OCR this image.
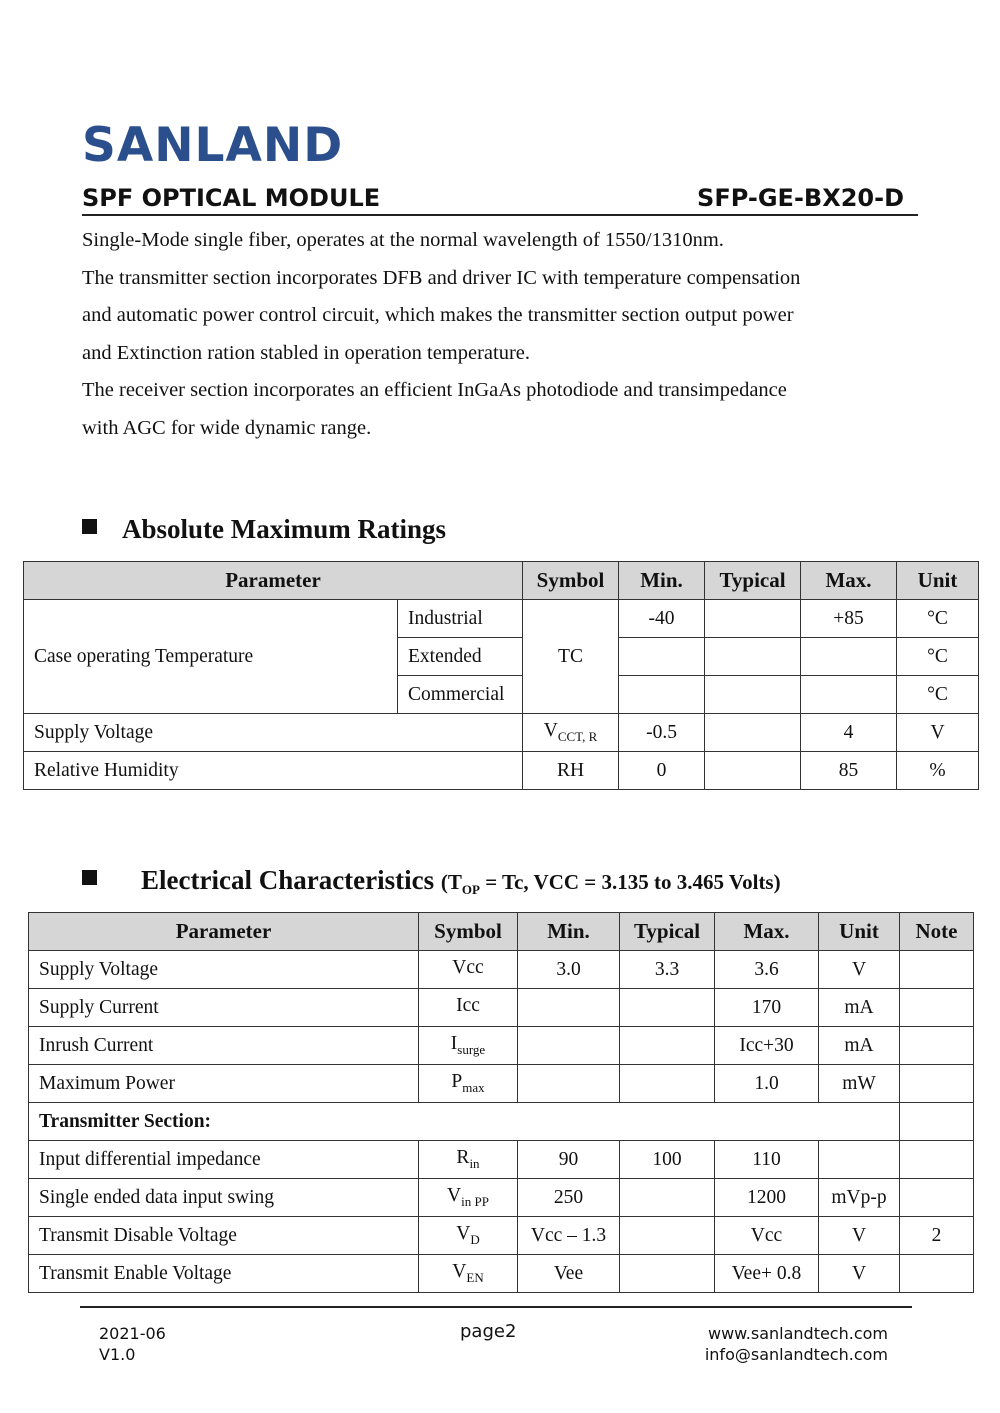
SANLAND
SPF OPTICAL MODULE	SFP-GE-BX20-D

Single-Mode single fiber, operates at the normal wavelength of 1550/1310nm.

The transmitter section incorporates DFB and driver IC with temperature compensation

and automatic power control circuit, which makes the transmitter section output power

and Extinction ration stabled in operation temperature.

The receiver section incorporates an efficient InGaAs photodiode and transimpedance

with AGC for wide dynamic range.

Absolute Maximum Ratings
Parameter		Symbol	Min.	Typical	Max.	Unit
Case operating Temperature	Industrial	TC	-40		+85	°C
	Extended					°C
	Commercial					°C
Supply Voltage		$V_{CCT, R}$	-0.5		4	V
Relative Humidity		RH	0		85	%
Electrical Characteristics ($T_{OP} = Tc$, VCC = 3.135 to 3.465 Volts)
Parameter	Symbol	Min.	Typical	Max.	Unit	Note
Supply Voltage	Vcc	3.0	3.3	3.6	V	
Supply Current	Icc			170	mA	
Inrush Current	$I_{surge}$			Icc+30	mA	
Maximum Power	$P_{max}$			1.0	mW	
Transmitter Section:						
Input differential impedance	$R_{in}$	90	100	110		
Single ended data input swing	$V_{in PP}$	250		1200	mVp-p	
Transmit Disable Voltage	$V_D$	Vcc – 1.3		Vcc	V	2
Transmit Enable Voltage	$V_{EN}$	Vee		Vee+ 0.8	V	
2021-06
V1.0
page2	www.sanlandtech.com
info@sanlandtech.com
